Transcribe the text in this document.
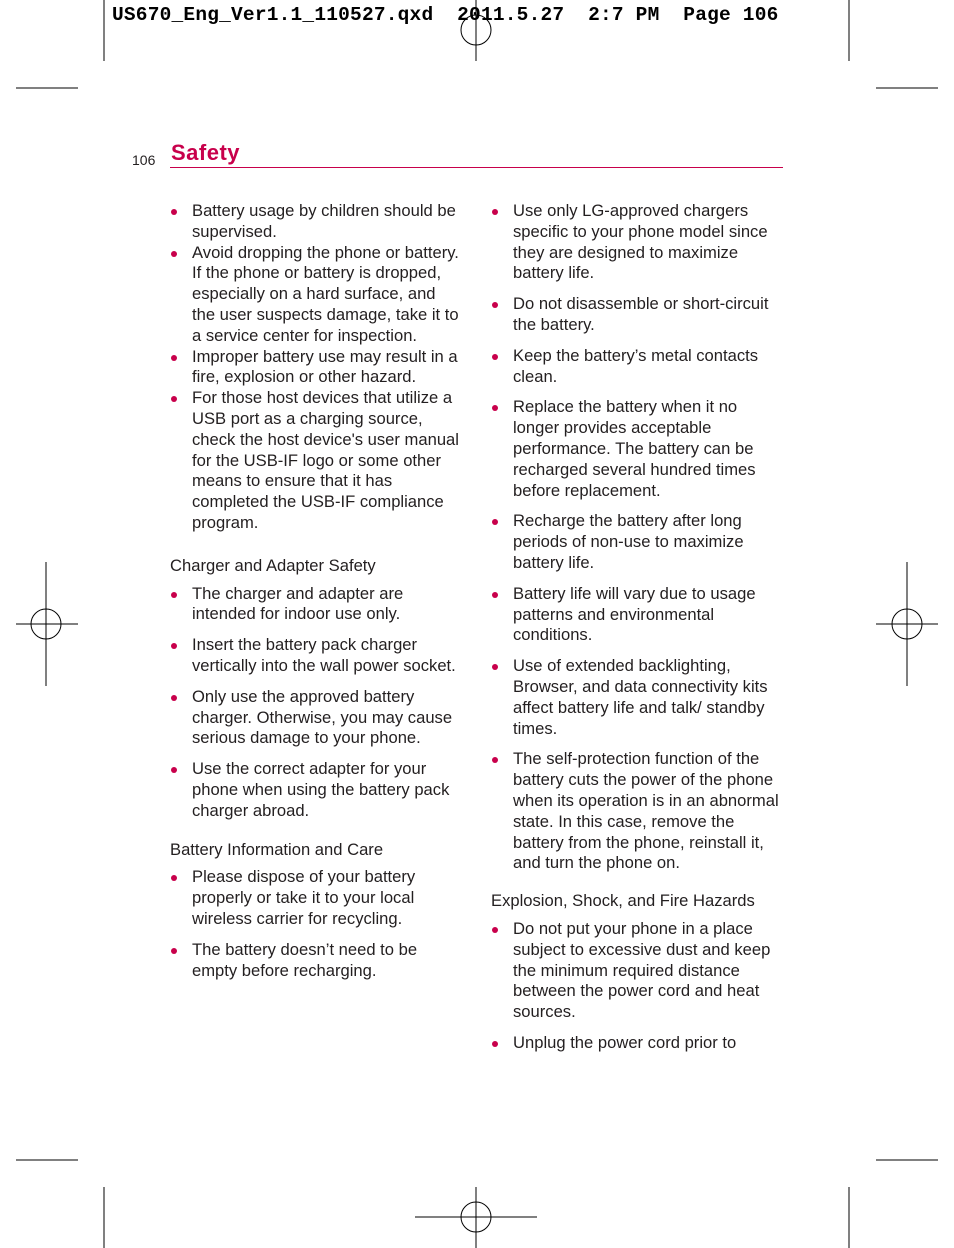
US670_Eng_Ver1.1_110527.qxd  2011.5.27  2:7 PM  Page 106
106 Safety
Battery usage by children should be supervised.
Avoid dropping the phone or battery. If the phone or battery is dropped, especially on a hard surface, and the user suspects damage, take it to a service center for inspection.
Improper battery use may result in a fire, explosion or other hazard.
For those host devices that utilize a USB port as a charging source, check the host device's user manual for the USB-IF logo or some other means to ensure that it has completed the USB-IF compliance program.
Charger and Adapter Safety
The charger and adapter are intended for indoor use only.
Insert the battery pack charger vertically into the wall power socket.
Only use the approved battery charger. Otherwise, you may cause serious damage to your phone.
Use the correct adapter for your phone when using the battery pack charger abroad.
Battery Information and Care
Please dispose of your battery properly or take it to your local wireless carrier for recycling.
The battery doesn’t need to be empty before recharging.
Use only LG-approved chargers specific to your phone model since they are designed to maximize battery life.
Do not disassemble or short-circuit the battery.
Keep the battery’s metal contacts clean.
Replace the battery when it no longer provides acceptable performance. The battery can be recharged several hundred times before replacement.
Recharge the battery after long periods of non-use to maximize battery life.
Battery life will vary due to usage patterns and environmental conditions.
Use of extended backlighting, Browser, and data connectivity kits affect battery life and talk/ standby times.
The self-protection function of the battery cuts the power of the phone when its operation is in an abnormal state. In this case, remove the battery from the phone, reinstall it, and turn the phone on.
Explosion, Shock, and Fire Hazards
Do not put your phone in a place subject to excessive dust and keep the minimum required distance between the power cord and heat sources.
Unplug the power cord prior to
